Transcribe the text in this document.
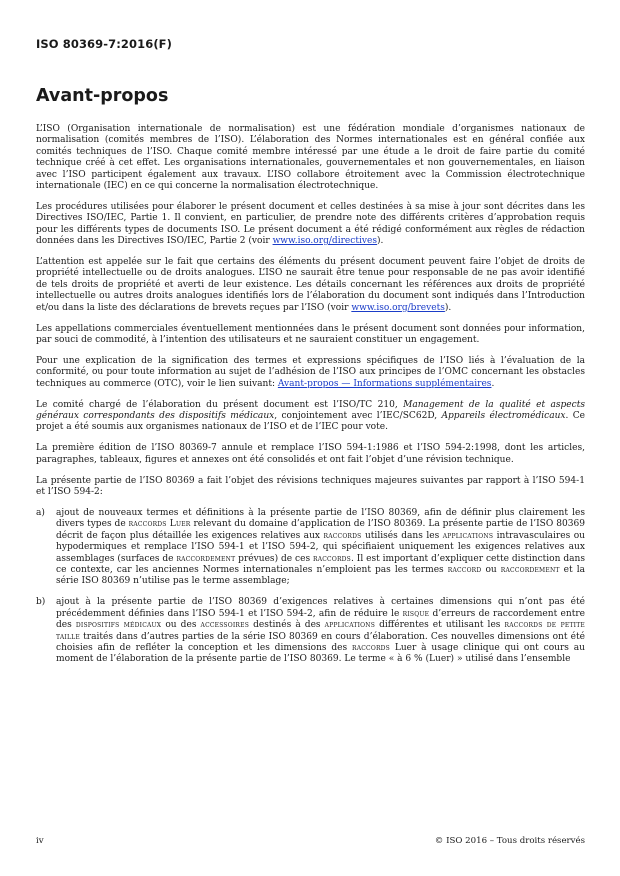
ISO 80369-7:2016(F)
Avant-propos

L’ISO (Organisation internationale de normalisation) est une fédération mondiale d’organismes nationaux de normalisation (comités membres de l’ISO). L’élaboration des Normes internationales est en général confiée aux comités techniques de l’ISO. Chaque comité membre intéressé par une étude a le droit de faire partie du comité technique créé à cet effet. Les organisations internationales, gouvernementales et non gouvernementales, en liaison avec l’ISO participent également aux travaux. L’ISO collabore étroitement avec la Commission électrotechnique internationale (IEC) en ce qui concerne la normalisation électrotechnique.

Les procédures utilisées pour élaborer le présent document et celles destinées à sa mise à jour sont décrites dans les Directives ISO/IEC, Partie 1. Il convient, en particulier, de prendre note des différents critères d’approbation requis pour les différents types de documents ISO. Le présent document a été rédigé conformément aux règles de rédaction données dans les Directives ISO/IEC, Partie 2 (voir www.iso.org/directives).

L’attention est appelée sur le fait que certains des éléments du présent document peuvent faire l’objet de droits de propriété intellectuelle ou de droits analogues. L’ISO ne saurait être tenue pour responsable de ne pas avoir identifié de tels droits de propriété et averti de leur existence. Les détails concernant les références aux droits de propriété intellectuelle ou autres droits analogues identifiés lors de l’élaboration du document sont indiqués dans l’Introduction et/ou dans la liste des déclarations de brevets reçues par l’ISO (voir www.iso.org/brevets).

Les appellations commerciales éventuellement mentionnées dans le présent document sont données pour information, par souci de commodité, à l’intention des utilisateurs et ne sauraient constituer un engagement.

Pour une explication de la signification des termes et expressions spécifiques de l’ISO liés à l’évaluation de la conformité, ou pour toute information au sujet de l’adhésion de l’ISO aux principes de l’OMC concernant les obstacles techniques au commerce (OTC), voir le lien suivant: Avant-propos — Informations supplémentaires.

Le comité chargé de l’élaboration du présent document est l’ISO/TC 210, Management de la qualité et aspects généraux correspondants des dispositifs médicaux, conjointement avec l’IEC/SC62D, Appareils électromédicaux. Ce projet a été soumis aux organismes nationaux de l’ISO et de l’IEC pour vote.

La première édition de l’ISO 80369-7 annule et remplace l’ISO 594-1:1986 et l’ISO 594-2:1998, dont les articles, paragraphes, tableaux, figures et annexes ont été consolidés et ont fait l’objet d’une révision technique.

La présente partie de l’ISO 80369 a fait l’objet des révisions techniques majeures suivantes par rapport à l’ISO 594-1 et l’ISO 594-2:

a)	ajout de nouveaux termes et définitions à la présente partie de l’ISO 80369, afin de définir plus clairement les divers types de raccords Luer relevant du domaine d’application de l’ISO 80369. La présente partie de l’ISO 80369 décrit de façon plus détaillée les exigences relatives aux raccords utilisés dans les applications intravasculaires ou hypodermiques et remplace l’ISO 594-1 et l’ISO 594-2, qui spécifiaient uniquement les exigences relatives aux assemblages (surfaces de raccordement prévues) de ces raccords. Il est important d’expliquer cette distinction dans ce contexte, car les anciennes Normes internationales n’emploient pas les termes raccord ou raccordement et la série ISO 80369 n’utilise pas le terme assemblage;
b)	ajout à la présente partie de l’ISO 80369 d’exigences relatives à certaines dimensions qui n’ont pas été précédemment définies dans l’ISO 594-1 et l’ISO 594-2, afin de réduire le risque d’erreurs de raccordement entre des dispositifs médicaux ou des accessoires destinés à des applications différentes et utilisant les raccords de petite taille traités dans d’autres parties de la série ISO 80369 en cours d’élaboration. Ces nouvelles dimensions ont été choisies afin de refléter la conception et les dimensions des raccords Luer à usage clinique qui ont cours au moment de l’élaboration de la présente partie de l’ISO 80369. Le terme « à 6 % (Luer) » utilisé dans l’ensemble
iv	© ISO 2016 – Tous droits réservés
